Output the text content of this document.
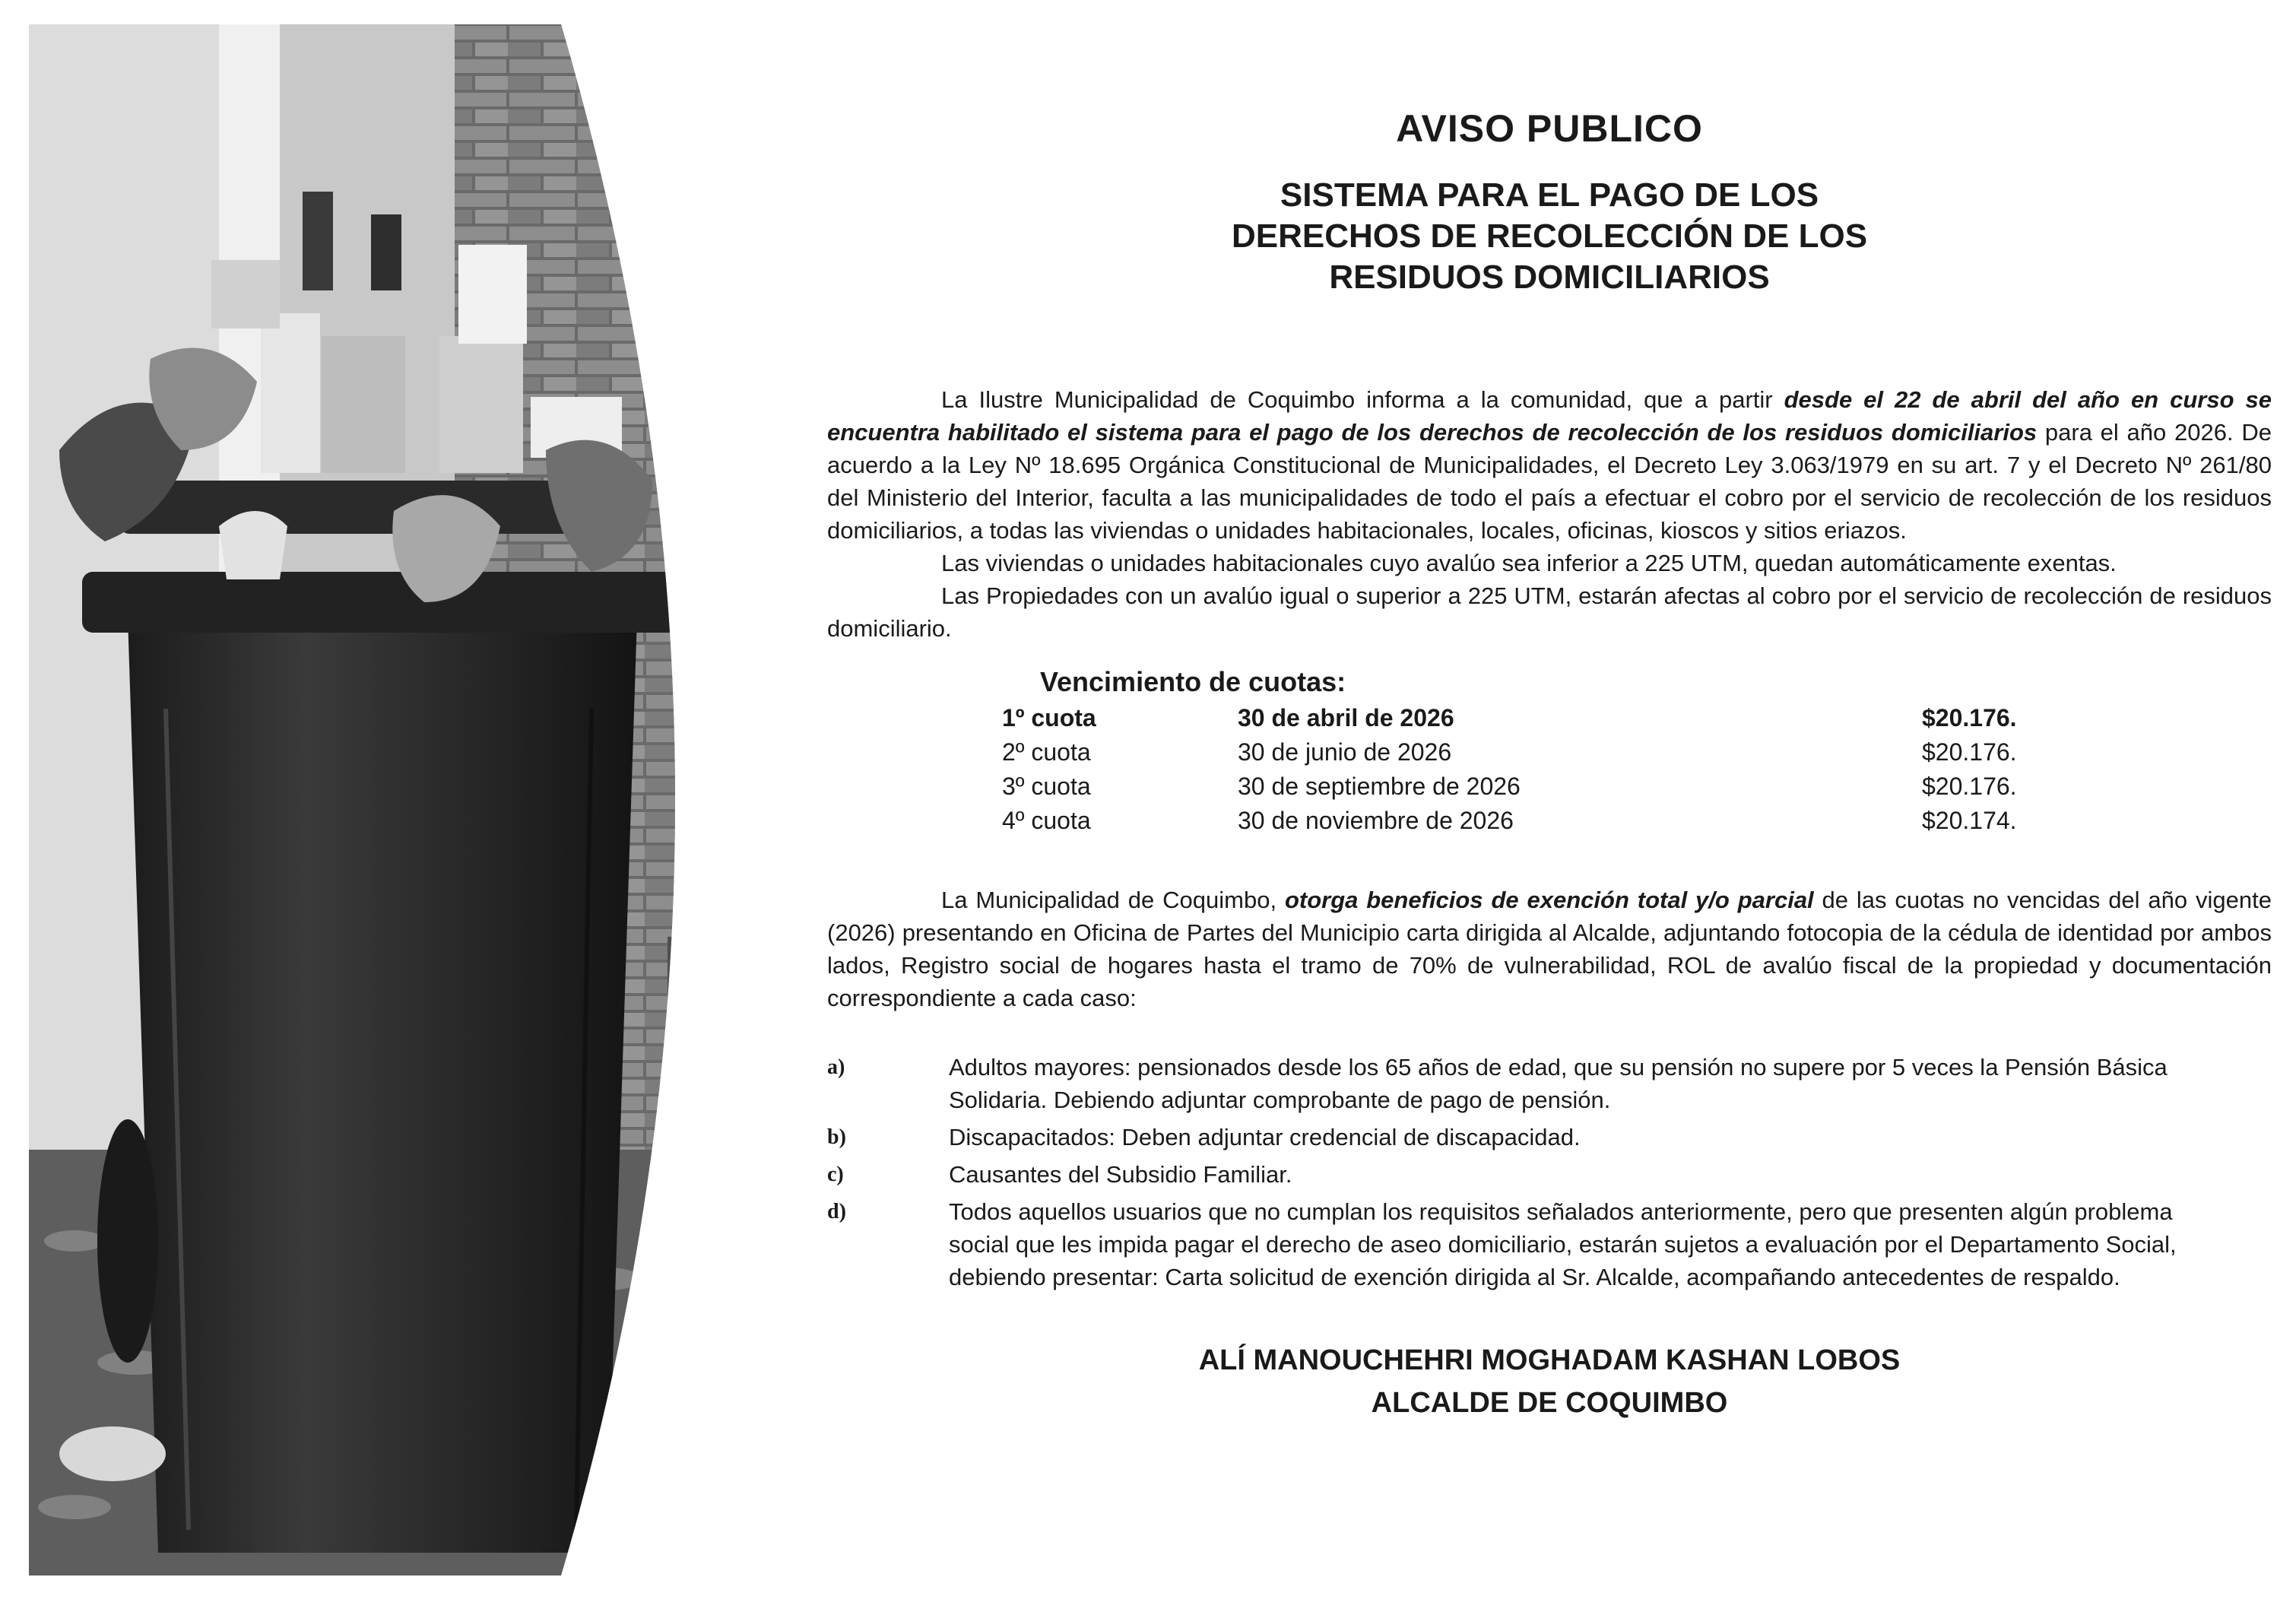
AVISO PUBLICO
SISTEMA PARA EL PAGO DE LOS
DERECHOS DE RECOLECCIÓN DE LOS
RESIDUOS DOMICILIARIOS

La Ilustre Municipalidad de Coquimbo informa a la comunidad, que a partir desde el 22 de abril del año en curso se encuentra habilitado el sistema para el pago de los derechos de recolección de los residuos domiciliarios para el año 2026. De acuerdo a la Ley Nº 18.695 Orgánica Constitucional de Municipalidades, el Decreto Ley 3.063/1979 en su art. 7 y el Decreto Nº 261/80 del Ministerio del Interior, faculta a las municipalidades de todo el país a efectuar el cobro por el servicio de recolección de los residuos domiciliarios, a todas las viviendas o unidades habitacionales, locales, oficinas, kioscos y sitios eriazos.

Las viviendas o unidades habitacionales cuyo avalúo sea inferior a 225 UTM, quedan automáticamente exentas.

Las Propiedades con un avalúo igual o superior a 225 UTM, estarán afectas al cobro por el servicio de recolección de residuos domiciliario.

Vencimiento de cuotas:
1º cuota	30 de abril de 2026	$20.176.
2º cuota	30 de junio de 2026	$20.176.
3º cuota	30 de septiembre de 2026	$20.176.
4º cuota	30 de noviembre de 2026	$20.174.

La Municipalidad de Coquimbo, otorga beneficios de exención total y/o parcial de las cuotas no vencidas del año vigente (2026) presentando en Oficina de Partes del Municipio carta dirigida al Alcalde, adjuntando fotocopia de la cédula de identidad por ambos lados, Registro social de hogares hasta el tramo de 70% de vulnerabilidad, ROL de avalúo fiscal de la propiedad y documentación correspondiente a cada caso:

a)	Adultos mayores: pensionados desde los 65 años de edad, que su pensión no supere por 5 veces la Pensión Básica Solidaria. Debiendo adjuntar comprobante de pago de pensión.
b)	Discapacitados: Deben adjuntar credencial de discapacidad.
c)	Causantes del Subsidio Familiar.
d)	Todos aquellos usuarios que no cumplan los requisitos señalados anteriormente, pero que presenten algún problema social que les impida pagar el derecho de aseo domiciliario, estarán sujetos a evaluación por el Departamento Social, debiendo presentar: Carta solicitud de exención dirigida al Sr. Alcalde, acompañando antecedentes de respaldo.
ALÍ MANOUCHEHRI MOGHADAM KASHAN LOBOS
ALCALDE DE COQUIMBO
